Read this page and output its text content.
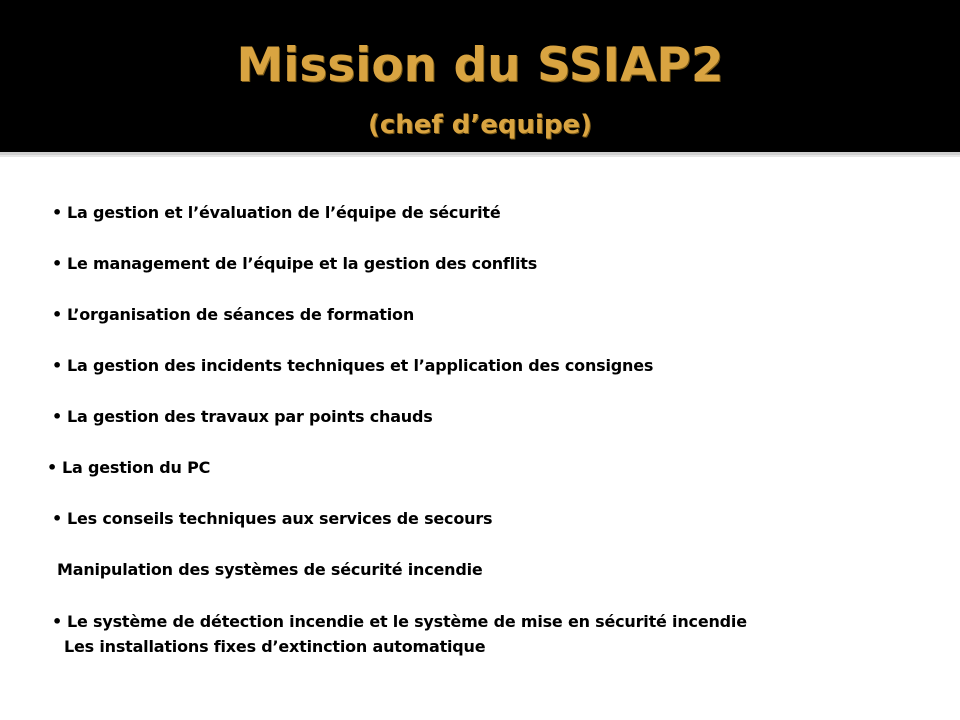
Mission du SSIAP2
(chef d’equipe)
• La gestion et l’évaluation de l’équipe de sécurité
• Le management de l’équipe et la gestion des conflits
• L’organisation de séances de formation
• La gestion des incidents techniques et l’application des consignes
• La gestion des travaux par points chauds
• La gestion du PC
• Les conseils techniques aux services de secours
Manipulation des systèmes de sécurité incendie
• Le système de détection incendie et le système de mise en sécurité incendie
Les installations fixes d’extinction automatique
